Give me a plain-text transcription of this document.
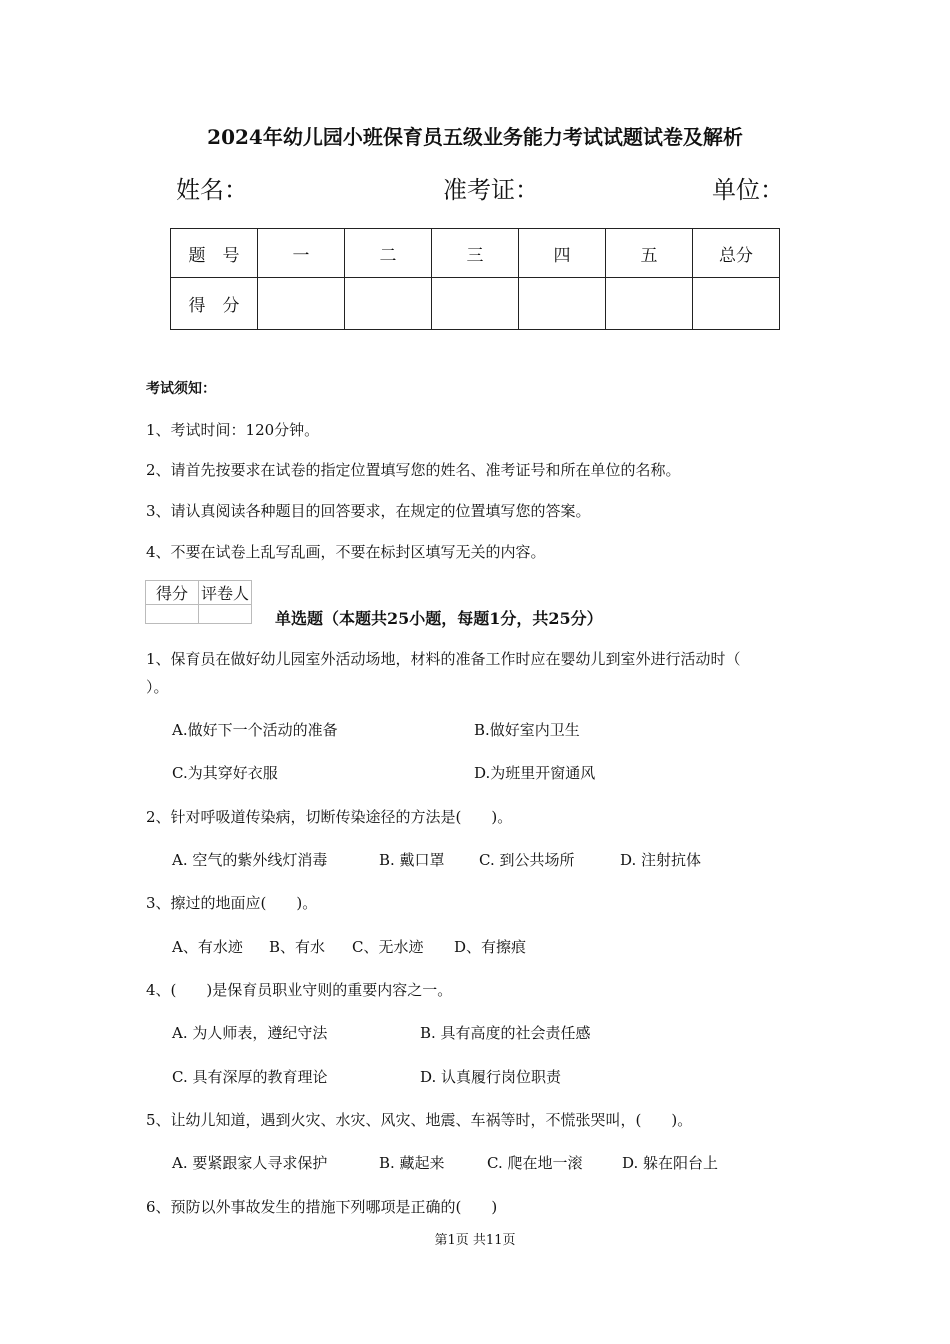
2024年幼儿园小班保育员五级业务能力考试试题试卷及解析
姓名：	准考证：	单位：
题　号	一	二	三	四	五	总分
得　分						
考试须知：
1、考试时间：120分钟。
2、请首先按要求在试卷的指定位置填写您的姓名、准考证号和所在单位的名称。
3、请认真阅读各种题目的回答要求，在规定的位置填写您的答案。
4、不要在试卷上乱写乱画，不要在标封区填写无关的内容。
得分	评卷人

单选题（本题共25小题，每题1分，共25分）
1、保育员在做好幼儿园室外活动场地，材料的准备工作时应在婴幼儿到室外进行活动时（
）。
A.做好下一个活动的准备	B.做好室内卫生
C.为其穿好衣服	D.为班里开窗通风
2、针对呼吸道传染病，切断传染途径的方法是(　　)。
A. 空气的紫外线灯消毒	B. 戴口罩 C. 到公共场所	D. 注射抗体
3、擦过的地面应(　　)。
A、有水迹 B、有水 C、无水迹 D、有擦痕
4、(　　)是保育员职业守则的重要内容之一。
A. 为人师表，遵纪守法	B. 具有高度的社会责任感
C. 具有深厚的教育理论	D. 认真履行岗位职责
5、让幼儿知道，遇到火灾、水灾、风灾、地震、车祸等时，不慌张哭叫，(　　)。
A. 要紧跟家人寻求保护	B. 藏起来	C. 爬在地一滚	D. 躲在阳台上
6、预防以外事故发生的措施下列哪项是正确的(　　)
第1页 共11页
